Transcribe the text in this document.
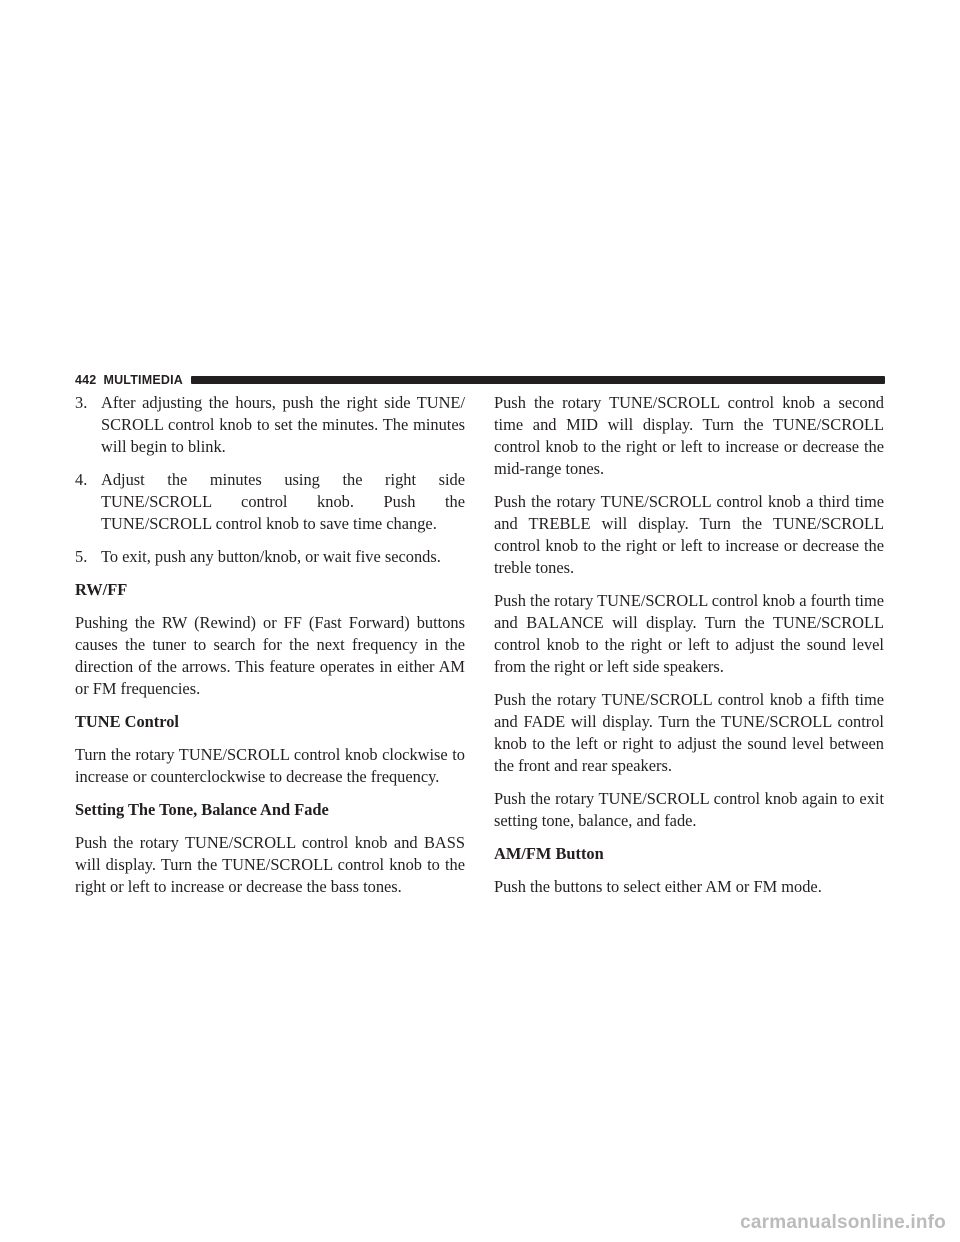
442 MULTIMEDIA
3. After adjusting the hours, push the right side TUNE/ SCROLL control knob to set the minutes. The minutes will begin to blink.
4. Adjust the minutes using the right side TUNE/SCROLL control knob. Push the TUNE/SCROLL control knob to save time change.
5. To exit, push any button/knob, or wait five seconds.
RW/FF

Pushing the RW (Rewind) or FF (Fast Forward) buttons causes the tuner to search for the next frequency in the direction of the arrows. This feature operates in either AM or FM frequencies.

TUNE Control

Turn the rotary TUNE/SCROLL control knob clockwise to increase or counterclockwise to decrease the frequency.

Setting The Tone, Balance And Fade

Push the rotary TUNE/SCROLL control knob and BASS will display. Turn the TUNE/SCROLL control knob to the right or left to increase or decrease the bass tones.

Push the rotary TUNE/SCROLL control knob a second time and MID will display. Turn the TUNE/SCROLL control knob to the right or left to increase or decrease the mid-range tones.

Push the rotary TUNE/SCROLL control knob a third time and TREBLE will display. Turn the TUNE/SCROLL control knob to the right or left to increase or decrease the treble tones.

Push the rotary TUNE/SCROLL control knob a fourth time and BALANCE will display. Turn the TUNE/SCROLL control knob to the right or left to adjust the sound level from the right or left side speakers.

Push the rotary TUNE/SCROLL control knob a fifth time and FADE will display. Turn the TUNE/SCROLL control knob to the left or right to adjust the sound level between the front and rear speakers.

Push the rotary TUNE/SCROLL control knob again to exit setting tone, balance, and fade.

AM/FM Button

Push the buttons to select either AM or FM mode.

carmanualsonline.info
